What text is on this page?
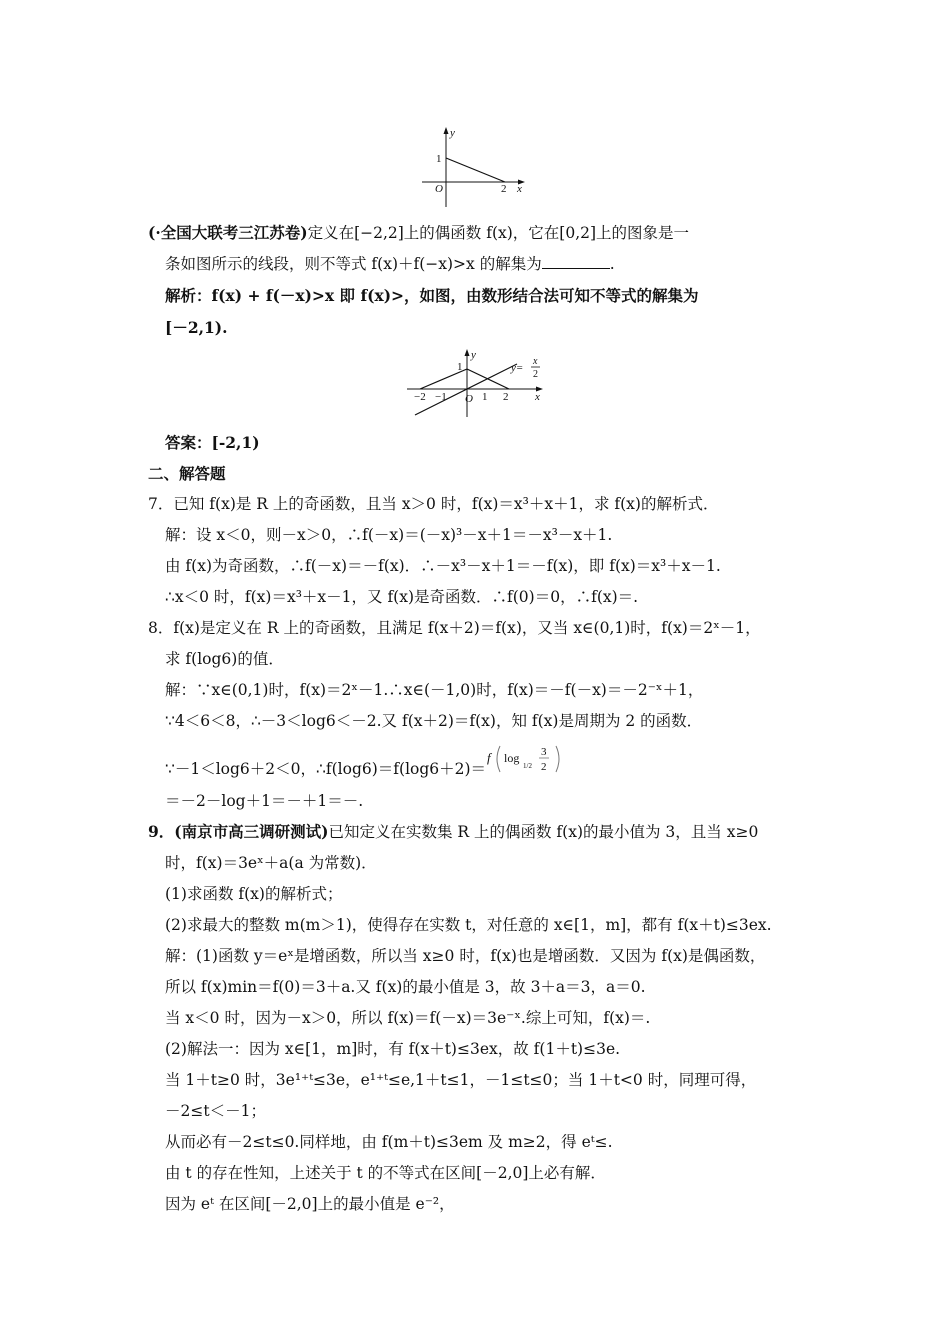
y
x
1
O	2
(·全国大联考三江苏卷)定义在[−2,2]上的偶函数 f(x)，它在[0,2]上的图象是一
条如图所示的线段，则不等式 f(x)＋f(−x)>x 的解集为	.
解析：f(x) + f(－x)>x 即 f(x)>，如图，由数形结合法可知不等式的解集为
[－2,1).
y
x
1
O
−2 −1	1 2
y=
x
2
答案：[-2,1)
二、解答题
7．已知 f(x)是 R 上的奇函数，且当 x＞0 时，f(x)＝x³＋x＋1，求 f(x)的解析式．
解：设 x＜0，则－x＞0，∴f(－x)＝(－x)³－x＋1＝－x³－x＋1.
由 f(x)为奇函数，∴f(－x)＝－f(x)．∴－x³－x＋1＝－f(x)，即 f(x)＝x³＋x－1.
∴x＜0 时，f(x)＝x³＋x－1，又 f(x)是奇函数．∴f(0)＝0，∴f(x)＝.
8．f(x)是定义在 R 上的奇函数，且满足 f(x＋2)＝f(x)，又当 x∈(0,1)时，f(x)＝2ˣ－1，
求 f(log6)的值．
解：∵x∈(0,1)时，f(x)＝2ˣ－1.∴x∈(－1,0)时，f(x)＝－f(－x)＝－2⁻ˣ＋1，
∵4＜6＜8，∴－3＜log6＜－2.又 f(x＋2)＝f(x)，知 f(x)是周期为 2 的函数．
∵－1＜log6＋2＜0，∴f(log6)＝f(log6＋2)＝
f log
1/2
3
2
＝－2－log＋1＝－＋1＝－.
9．(南京市高三调研测试)已知定义在实数集 R 上的偶函数 f(x)的最小值为 3，且当 x≥0
时，f(x)＝3eˣ＋a(a 为常数)．
(1)求函数 f(x)的解析式；
(2)求最大的整数 m(m＞1)，使得存在实数 t，对任意的 x∈[1，m]，都有 f(x＋t)≤3ex.
解：(1)函数 y＝eˣ是增函数，所以当 x≥0 时，f(x)也是增函数．又因为 f(x)是偶函数，
所以 f(x)min＝f(0)＝3＋a.又 f(x)的最小值是 3，故 3＋a＝3，a＝0.
当 x＜0 时，因为－x＞0，所以 f(x)＝f(－x)＝3e⁻ˣ.综上可知，f(x)＝.
(2)解法一：因为 x∈[1，m]时，有 f(x＋t)≤3ex，故 f(1＋t)≤3e.
当 1＋t≥0 时，3e¹⁺ᵗ≤3e，e¹⁺ᵗ≤e,1＋t≤1，－1≤t≤0；当 1＋t<0 时，同理可得，
－2≤t＜－1；
从而必有－2≤t≤0.同样地，由 f(m＋t)≤3em 及 m≥2，得 eᵗ≤.
由 t 的存在性知，上述关于 t 的不等式在区间[－2,0]上必有解．
因为 eᵗ 在区间[－2,0]上的最小值是 e⁻²，
